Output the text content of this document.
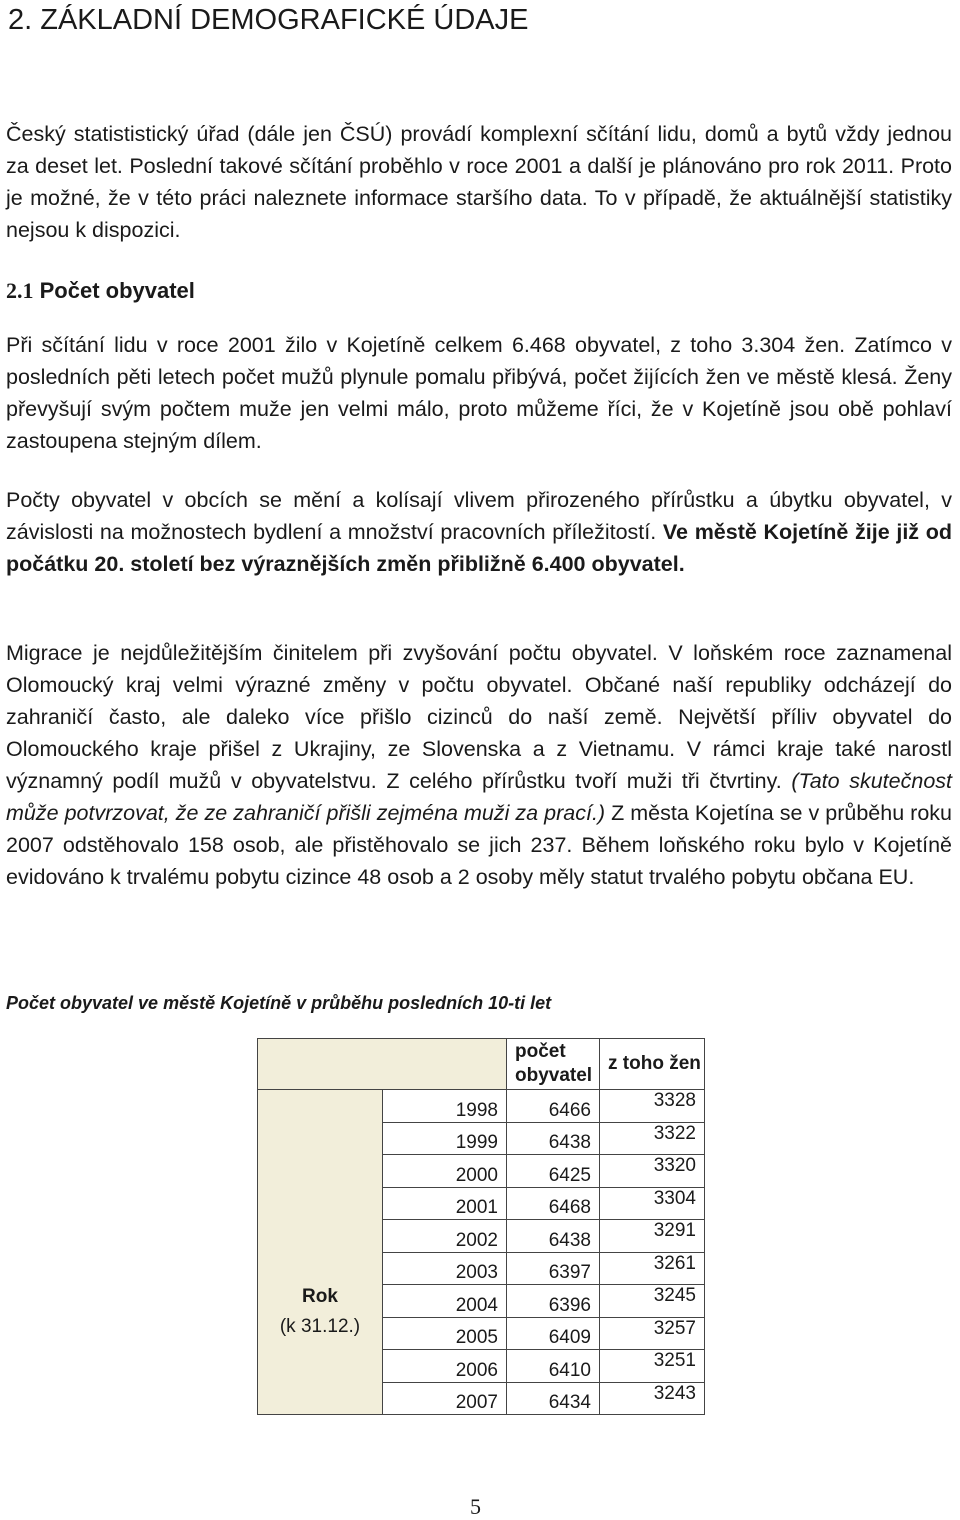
2. ZÁKLADNÍ DEMOGRAFICKÉ ÚDAJE
Český statististický úřad (dále jen ČSÚ) provádí komplexní sčítání lidu, domů a bytů vždy jednou za deset let. Poslední takové sčítání proběhlo v roce 2001 a další je plánováno pro rok 2011. Proto je možné, že v této práci naleznete informace staršího data. To v případě, že aktuálnější statistiky nejsou k dispozici.
2.1 Počet obyvatel
Při sčítání lidu v roce 2001 žilo v Kojetíně celkem 6.468 obyvatel, z toho 3.304 žen. Zatímco v posledních pěti letech počet mužů plynule pomalu přibývá, počet žijících žen ve městě klesá. Ženy převyšují svým počtem muže jen velmi málo, proto můžeme říci, že v Kojetíně jsou obě pohlaví zastoupena stejným dílem.
Počty obyvatel v obcích se mění a kolísají vlivem přirozeného přírůstku a úbytku obyvatel, v závislosti na možnostech bydlení a množství pracovních příležitostí. Ve městě Kojetíně žije již od počátku 20. století bez výraznějších změn přibližně 6.400 obyvatel.
Migrace je nejdůležitějším činitelem při zvyšování počtu obyvatel. V loňském roce zaznamenal Olomoucký kraj velmi výrazné změny v počtu obyvatel. Občané naší republiky odcházejí do zahraničí často, ale daleko více přišlo cizinců do naší země. Největší příliv obyvatel do Olomouckého kraje přišel z Ukrajiny, ze Slovenska a z Vietnamu. V rámci kraje také narostl významný podíl mužů v obyvatelstvu. Z celého přírůstku tvoří muži tři čtvrtiny. (Tato skutečnost může potvrzovat, že ze zahraničí přišli zejména muži za prací.) Z města Kojetína se v průběhu roku 2007 odstěhovalo 158 osob, ale přistěhovalo se jich 237. Během loňského roku bylo v Kojetíně evidováno k trvalému pobytu cizince 48 osob a 2 osoby měly statut trvalého pobytu občana EU.
Počet obyvatel ve městě Kojetíně v průběhu posledních 10-ti let
		počet obyvatel	z toho žen

Rok
(k 31.12.)	1998	6466	3328
	1999	6438	3322
	2000	6425	3320
	2001	6468	3304
	2002	6438	3291
	2003	6397	3261
	2004	6396	3245
	2005	6409	3257
	2006	6410	3251
	2007	6434	3243
5
